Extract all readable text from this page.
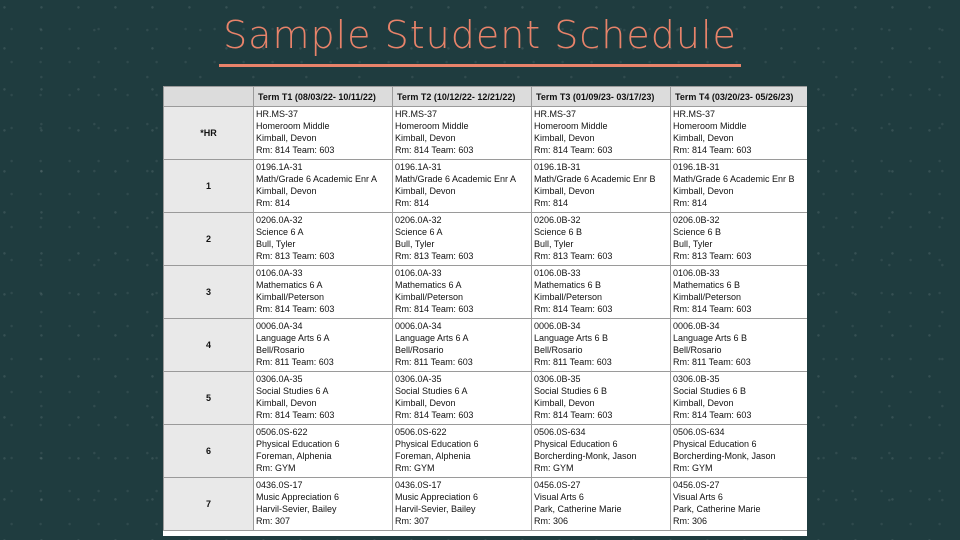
Sample Student Schedule
	Term T1 (08/03/22- 10/11/22)	Term T2 (10/12/22- 12/21/22)	Term T3 (01/09/23- 03/17/23)	Term T4 (03/20/23- 05/26/23)
*HR	HR.MS-37
Homeroom Middle
Kimball, Devon
Rm: 814 Team: 603	HR.MS-37
Homeroom Middle
Kimball, Devon
Rm: 814 Team: 603	HR.MS-37
Homeroom Middle
Kimball, Devon
Rm: 814 Team: 603	HR.MS-37
Homeroom Middle
Kimball, Devon
Rm: 814 Team: 603

1	0196.1A-31
Math/Grade 6 Academic Enr A
Kimball, Devon
Rm: 814	0196.1A-31
Math/Grade 6 Academic Enr A
Kimball, Devon
Rm: 814	0196.1B-31
Math/Grade 6 Academic Enr B
Kimball, Devon
Rm: 814	0196.1B-31
Math/Grade 6 Academic Enr B
Kimball, Devon
Rm: 814

2	0206.0A-32
Science 6 A
Bull, Tyler
Rm: 813 Team: 603	0206.0A-32
Science 6 A
Bull, Tyler
Rm: 813 Team: 603	0206.0B-32
Science 6 B
Bull, Tyler
Rm: 813 Team: 603	0206.0B-32
Science 6 B
Bull, Tyler
Rm: 813 Team: 603

3	0106.0A-33
Mathematics 6 A
Kimball/Peterson
Rm: 814 Team: 603	0106.0A-33
Mathematics 6 A
Kimball/Peterson
Rm: 814 Team: 603	0106.0B-33
Mathematics 6 B
Kimball/Peterson
Rm: 814 Team: 603	0106.0B-33
Mathematics 6 B
Kimball/Peterson
Rm: 814 Team: 603

4	0006.0A-34
Language Arts 6 A
Bell/Rosario
Rm: 811 Team: 603	0006.0A-34
Language Arts 6 A
Bell/Rosario
Rm: 811 Team: 603	0006.0B-34
Language Arts 6 B
Bell/Rosario
Rm: 811 Team: 603	0006.0B-34
Language Arts 6 B
Bell/Rosario
Rm: 811 Team: 603

5	0306.0A-35
Social Studies 6 A
Kimball, Devon
Rm: 814 Team: 603	0306.0A-35
Social Studies 6 A
Kimball, Devon
Rm: 814 Team: 603	0306.0B-35
Social Studies 6 B
Kimball, Devon
Rm: 814 Team: 603	0306.0B-35
Social Studies 6 B
Kimball, Devon
Rm: 814 Team: 603

6	0506.0S-622
Physical Education 6
Foreman, Alphenia
Rm: GYM	0506.0S-622
Physical Education 6
Foreman, Alphenia
Rm: GYM	0506.0S-634
Physical Education 6
Borcherding-Monk, Jason
Rm: GYM	0506.0S-634
Physical Education 6
Borcherding-Monk, Jason
Rm: GYM

7	0436.0S-17
Music Appreciation 6
Harvil-Sevier, Bailey
Rm: 307	0436.0S-17
Music Appreciation 6
Harvil-Sevier, Bailey
Rm: 307	0456.0S-27
Visual Arts 6
Park, Catherine Marie
Rm: 306	0456.0S-27
Visual Arts 6
Park, Catherine Marie
Rm: 306
